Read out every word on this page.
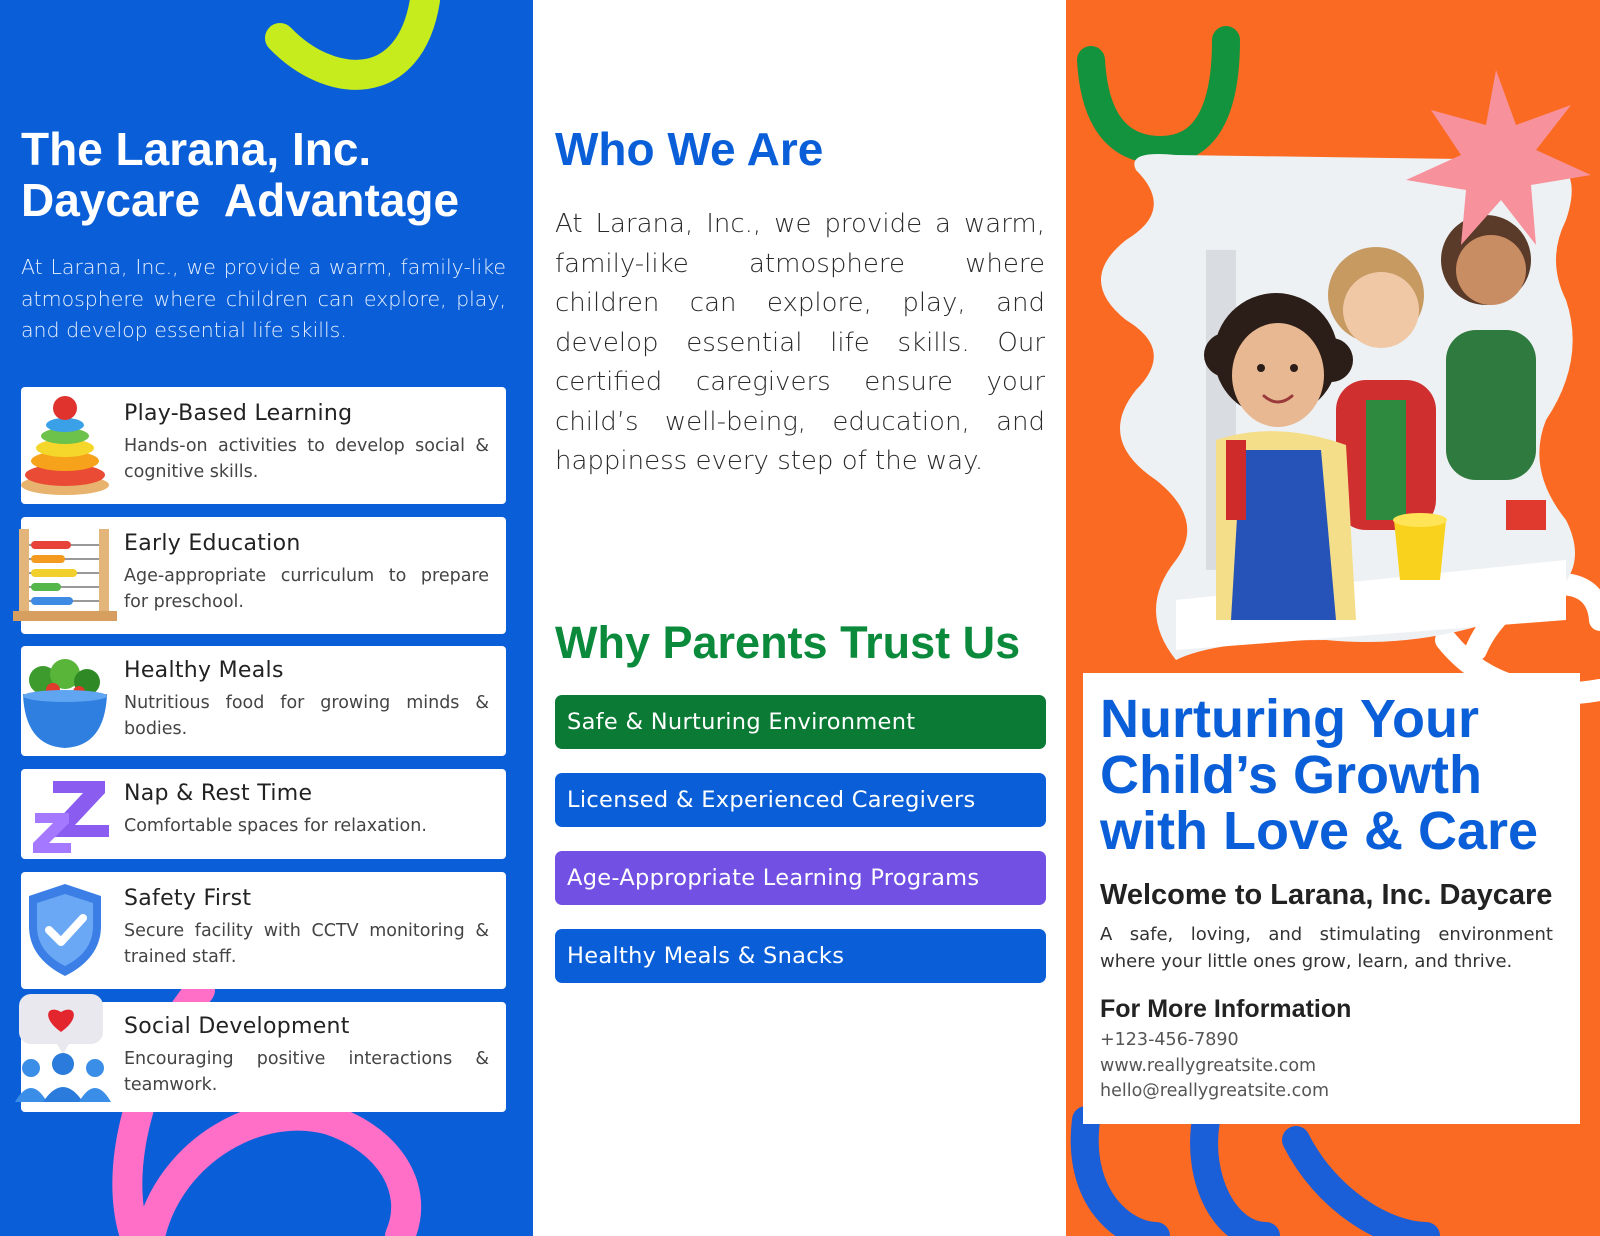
The Larana, Inc.
Daycare  Advantage

At Larana, Inc., we provide a warm, family-like atmosphere where children can explore, play, and develop essential life skills.

Play-Based Learning
Hands-on activities to develop social & cognitive skills.
Early Education
Age-appropriate curriculum to prepare for preschool.
Healthy Meals
Nutritious food for growing minds & bodies.
Nap & Rest Time
Comfortable spaces for relaxation.
Safety First
Secure facility with CCTV monitoring & trained staff.
Social Development
Encouraging positive interactions & teamwork.
Who We Are

At Larana, Inc., we provide a warm, family-like atmosphere where children can explore, play, and develop essential life skills. Our certified caregivers ensure your child’s well-being, education, and happiness every step of the way.

Why Parents Trust Us
Safe & Nurturing Environment
Licensed & Experienced Caregivers
Age-Appropriate Learning Programs
Healthy Meals & Snacks
Nurturing Your
Child’s Growth
with Love & Care
Welcome to Larana, Inc. Daycare

A safe, loving, and stimulating environment where your little ones grow, learn, and thrive.

For More Information
+123-456-7890
www.reallygreatsite.com
hello@reallygreatsite.com
